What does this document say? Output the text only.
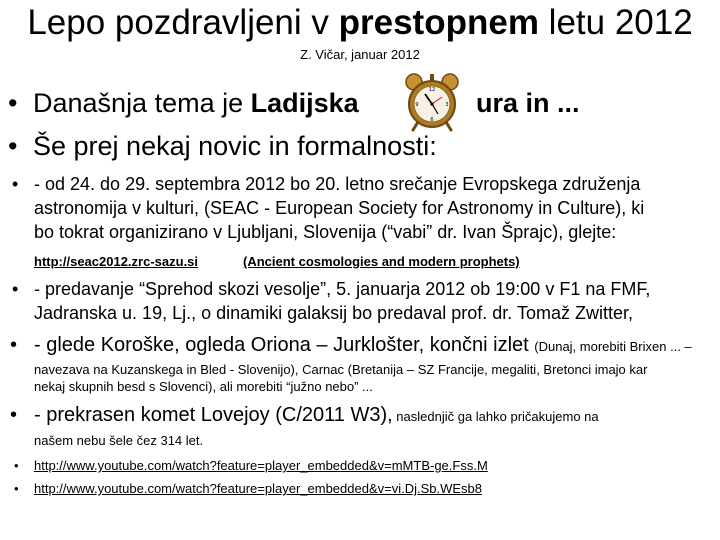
Lepo pozdravljeni v prestopnem letu 2012
Z. Vičar, januar 2012
• Današnja tema je Ladijska	ura in ...
12
3
6
9
• Še prej nekaj novic in formalnosti:
• - od 24. do 29. septembra 2012 bo 20. letno srečanje Evropskega združenja
astronomija v kulturi, (SEAC - European Society for Astronomy in Culture), ki
bo tokrat organizirano v Ljubljani, Slovenija (“vabi” dr. Ivan Šprajc), glejte:
http://seac2012.zrc-sazu.si	(Ancient cosmologies and modern prophets)
• - predavanje “Sprehod skozi vesolje”, 5. januarja 2012 ob 19:00 v F1 na FMF,
Jadranska u. 19, Lj., o dinamiki galaksij bo predaval prof. dr. Tomaž Zwitter,
• - glede Koroške, ogleda Oriona – Jurklošter, končni izlet (Dunaj, morebiti Brixen ... –
navezava na Kuzanskega in Bled - Slovenijo), Carnac (Bretanija – SZ Francije, megaliti, Bretonci imajo kar
nekaj skupnih besd s Slovenci), ali morebiti “južno nebo” ...
• - prekrasen komet Lovejoy (C/2011 W3), naslednjič ga lahko pričakujemo na
našem nebu šele čez 314 let.
• http://www.youtube.com/watch?feature=player_embedded&v=mMTB-ge.Fss.M
• http://www.youtube.com/watch?feature=player_embedded&v=vi.Dj.Sb.WEsb8
